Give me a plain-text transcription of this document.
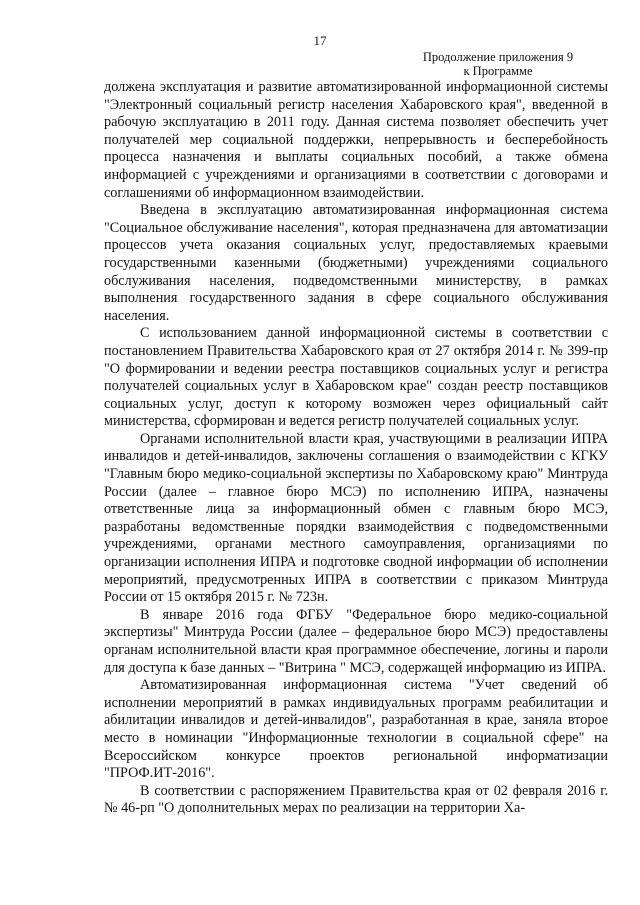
17
Продолжение приложения 9
к Программе

должена эксплуатация и развитие автоматизированной информационной системы "Электронный социальный регистр населения Хабаровского края", введенной в рабочую эксплуатацию в 2011 году. Данная система позволяет обеспечить учет получателей мер социальной поддержки, непрерывность и бесперебойность процесса назначения и выплаты социальных пособий, а также обмена информацией с учреждениями и организациями в соответствии с договорами и соглашениями об информационном взаимодействии.

Введена в эксплуатацию автоматизированная информационная система "Социальное обслуживание населения", которая предназначена для автоматизации процессов учета оказания социальных услуг, предоставляемых краевыми государственными казенными (бюджетными) учреждениями социального обслуживания населения, подведомственными министерству, в рамках выполнения государственного задания в сфере социального обслуживания населения.

С использованием данной информационной системы в соответствии с постановлением Правительства Хабаровского края от 27 октября 2014 г. № 399-пр "О формировании и ведении реестра поставщиков социальных услуг и регистра получателей социальных услуг в Хабаровском крае" создан реестр поставщиков социальных услуг, доступ к которому возможен через официальный сайт министерства, сформирован и ведется регистр получателей социальных услуг.

Органами исполнительной власти края, участвующими в реализации ИПРА инвалидов и детей-инвалидов, заключены соглашения о взаимодействии с КГКУ "Главным бюро медико-социальной экспертизы по Хабаровскому краю" Минтруда России (далее – главное бюро МСЭ) по исполнению ИПРА, назначены ответственные лица за информационный обмен с главным бюро МСЭ, разработаны ведомственные порядки взаимодействия с подведомственными учреждениями, органами местного самоуправления, организациями по организации исполнения ИПРА и подготовке сводной информации об исполнении мероприятий, предусмотренных ИПРА в соответствии с приказом Минтруда России от 15 октября 2015 г. № 723н.

В январе 2016 года ФГБУ "Федеральное бюро медико-социальной экспертизы" Минтруда России (далее – федеральное бюро МСЭ) предоставлены органам исполнительной власти края программное обеспечение, логины и пароли для доступа к базе данных – "Витрина " МСЭ, содержащей информацию из ИПРА.

Автоматизированная информационная система "Учет сведений об исполнении мероприятий в рамках индивидуальных программ реабилитации и абилитации инвалидов и детей-инвалидов", разработанная в крае, заняла второе место в номинации "Информационные технологии в социальной сфере" на Всероссийском конкурсе проектов региональной информатизации "ПРОФ.ИТ-2016".

В соответствии с распоряжением Правительства края от 02 февраля 2016 г. № 46-рп "О дополнительных мерах по реализации на территории Ха-
